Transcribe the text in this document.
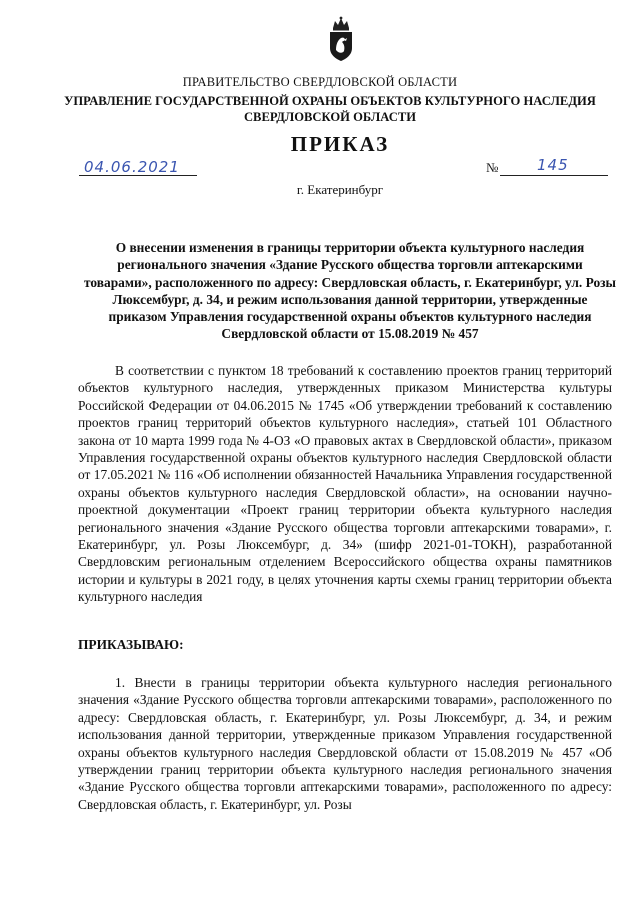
ПРАВИТЕЛЬСТВО СВЕРДЛОВСКОЙ ОБЛАСТИ
УПРАВЛЕНИЕ ГОСУДАРСТВЕННОЙ ОХРАНЫ ОБЪЕКТОВ КУЛЬТУРНОГО НАСЛЕДИЯ СВЕРДЛОВСКОЙ ОБЛАСТИ
ПРИКАЗ
04.06.2021	№	145
г. Екатеринбург
О внесении изменения в границы территории объекта культурного наследия регионального значения «Здание Русского общества торговли аптекарскими товарами», расположенного по адресу: Свердловская область, г. Екатеринбург, ул. Розы Люксембург, д. 34, и режим использования данной территории, утвержденные приказом Управления государственной охраны объектов культурного наследия Свердловской области от 15.08.2019 № 457

В соответствии с пунктом 18 требований к составлению проектов границ территорий объектов культурного наследия, утвержденных приказом Министерства культуры Российской Федерации от 04.06.2015 № 1745 «Об утверждении требований к составлению проектов границ территорий объектов культурного наследия», статьей 101 Областного закона от 10 марта 1999 года № 4-ОЗ «О правовых актах в Свердловской области», приказом Управления государственной охраны объектов культурного наследия Свердловской области от 17.05.2021 № 116 «Об исполнении обязанностей Начальника Управления государственной охраны объектов культурного наследия Свердловской области», на основании научно-проектной документации «Проект границ территории объекта культурного наследия регионального значения «Здание Русского общества торговли аптекарскими товарами», г. Екатеринбург, ул. Розы Люксембург, д. 34» (шифр 2021-01-ТОКН), разработанной Свердловским региональным отделением Всероссийского общества охраны памятников истории и культуры в 2021 году, в целях уточнения карты схемы границ территории объекта культурного наследия

ПРИКАЗЫВАЮ:

1. Внести в границы территории объекта культурного наследия регионального значения «Здание Русского общества торговли аптекарскими товарами», расположенного по адресу: Свердловская область, г. Екатеринбург, ул. Розы Люксембург, д. 34, и режим использования данной территории, утвержденные приказом Управления государственной охраны объектов культурного наследия Свердловской области от 15.08.2019 № 457 «Об утверждении границ территории объекта культурного наследия регионального значения «Здание Русского общества торговли аптекарскими товарами», расположенного по адресу: Свердловская область, г. Екатеринбург, ул. Розы
